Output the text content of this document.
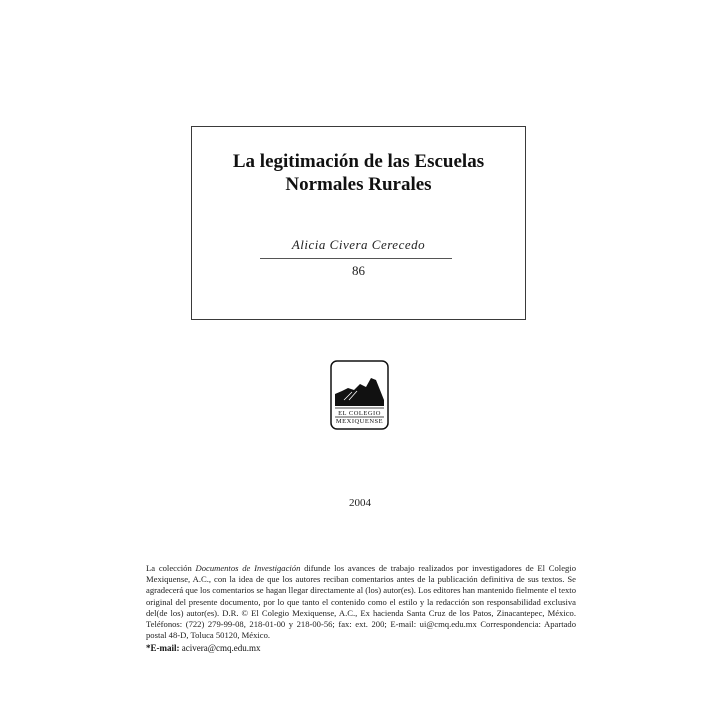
La legitimación de las Escuelas
Normales Rurales
Alicia Civera Cerecedo
86
EL COLEGIO
MEXIQUENSE
2004
La colección Documentos de Investigación difunde los avances de trabajo realizados por investigadores de El Colegio Mexiquense, A.C., con la idea de que los autores reciban comentarios antes de la publicación definitiva de sus textos. Se agradecerá que los comentarios se hagan llegar directamente al (los) autor(es). Los editores han mantenido fielmente el texto original del presente documento, por lo que tanto el contenido como el estilo y la redacción son responsabilidad exclusiva del(de los) autor(es). D.R. © El Colegio Mexiquense, A.C., Ex hacienda Santa Cruz de los Patos, Zinacantepec, México. Teléfonos: (722) 279-99-08, 218-01-00 y 218-00-56; fax: ext. 200; E-mail: ui@cmq.edu.mx Correspondencia: Apartado postal 48-D, Toluca 50120, México.
*E-mail: acivera@cmq.edu.mx
